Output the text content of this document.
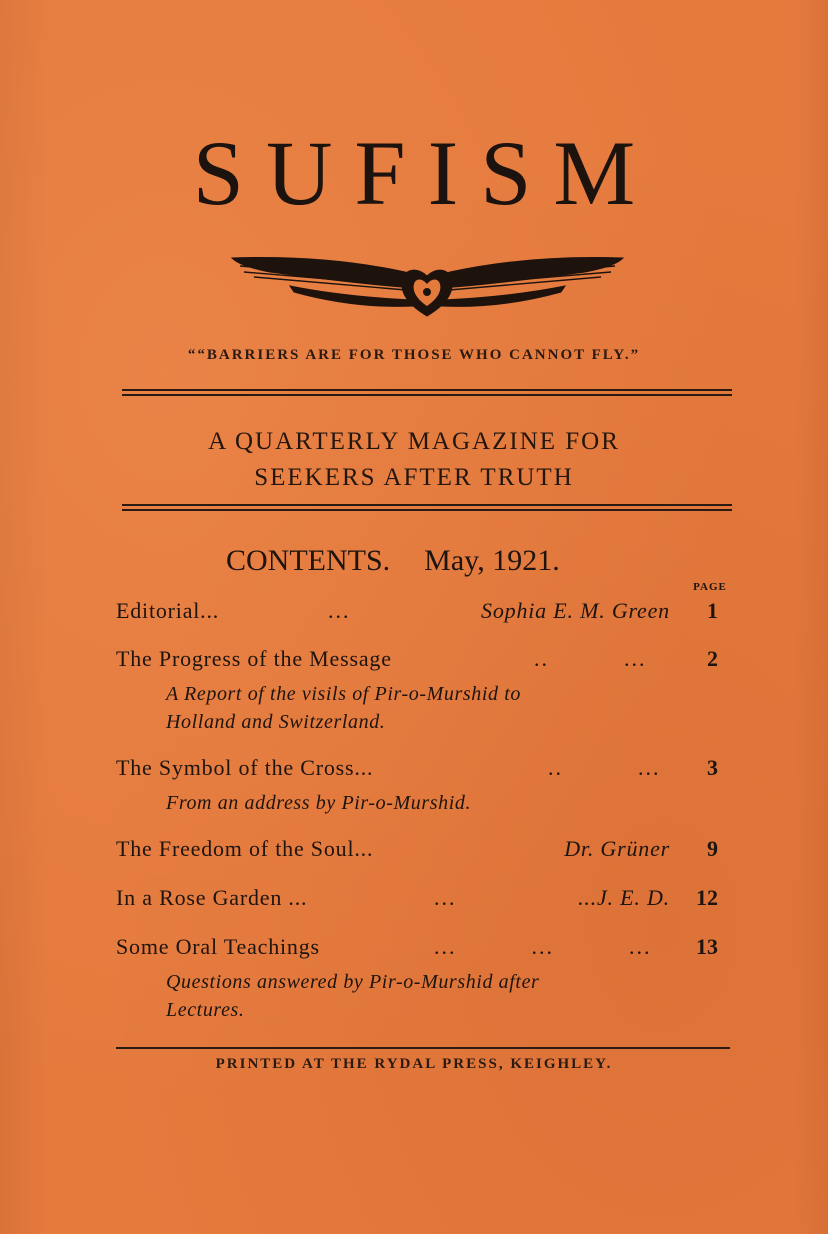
SUFISM
““BARRIERS ARE FOR THOSE WHO CANNOT FLY.”
A QUARTERLY MAGAZINE FOR
SEEKERS AFTER TRUTH
CONTENTS. May, 1921.
PAGE
Editorial...	...	Sophia E. M. Green	1
The Progress of the Message	..          ...	2
A Report of the visils of Pir-o-Murshid to
Holland and Switzerland.
The Symbol of the Cross...	..          ...	3
From an address by Pir-o-Murshid.
The Freedom of the Soul...	Dr. Grüner	9
In a Rose Garden ...	...	...J. E. D.	12
Some Oral Teachings	...          ...          ...	13
Questions answered by Pir-o-Murshid after
Lectures.
PRINTED AT THE RYDAL PRESS, KEIGHLEY.
